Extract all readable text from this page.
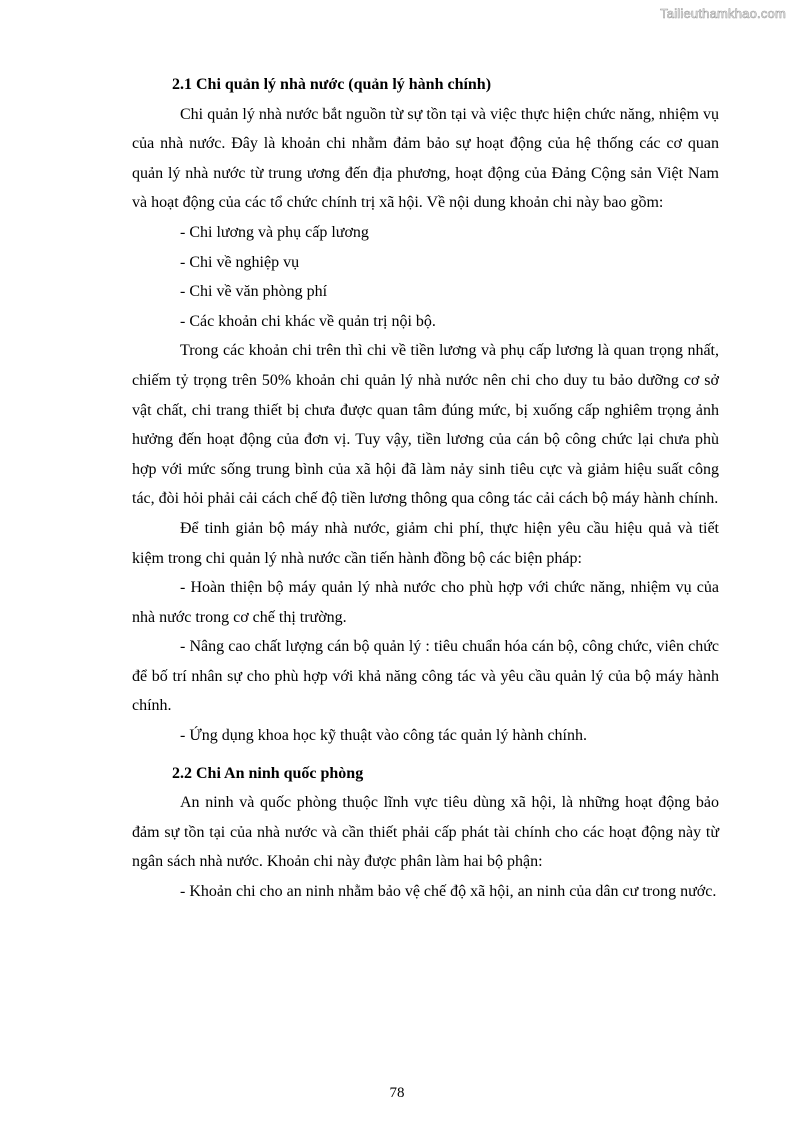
Tailieuthamkhao.com
2.1 Chi quản lý nhà nước (quản lý hành chính)

Chi quản lý nhà nước bắt nguồn từ sự tồn tại và việc thực hiện chức năng, nhiệm vụ của nhà nước. Đây là khoản chi nhằm đảm bảo sự hoạt động của hệ thống các cơ quan quản lý nhà nước từ trung ương đến địa phương, hoạt động của Đảng Cộng sản Việt Nam và hoạt động của các tổ chức chính trị xã hội. Về nội dung khoản chi này bao gồm:

- Chi lương và phụ cấp lương

- Chi về nghiệp vụ

- Chi về văn phòng phí

- Các khoản chi khác về quản trị nội bộ.

Trong các khoản chi trên thì chi về tiền lương và phụ cấp lương là quan trọng nhất, chiếm tỷ trọng trên 50% khoản chi quản lý nhà nước nên chi cho duy tu bảo dưỡng cơ sở vật chất, chi trang thiết bị chưa được quan tâm đúng mức, bị xuống cấp nghiêm trọng ảnh hưởng đến hoạt động của đơn vị. Tuy vậy, tiền lương của cán bộ công chức lại chưa phù hợp với mức sống trung bình của xã hội đã làm nảy sinh tiêu cực và giảm hiệu suất công tác, đòi hỏi phải cải cách chế độ tiền lương thông qua công tác cải cách bộ máy hành chính.

Để tinh giản bộ máy nhà nước, giảm chi phí, thực hiện yêu cầu hiệu quả và tiết kiệm trong chi quản lý nhà nước cần tiến hành đồng bộ các biện pháp:

- Hoàn thiện bộ máy quản lý nhà nước cho phù hợp với chức năng, nhiệm vụ của nhà nước trong cơ chế thị trường.

- Nâng cao chất lượng cán bộ quản lý : tiêu chuẩn hóa cán bộ, công chức, viên chức để bố trí nhân sự cho phù hợp với khả năng công tác và yêu cầu quản lý của bộ máy hành chính.

- Ứng dụng khoa học kỹ thuật vào công tác quản lý hành chính.

2.2 Chi An ninh quốc phòng

An ninh và quốc phòng thuộc lĩnh vực tiêu dùng xã hội, là những hoạt động bảo đảm sự tồn tại của nhà nước và cần thiết phải cấp phát tài chính cho các hoạt động này từ ngân sách nhà nước. Khoản chi này được phân làm hai bộ phận:

- Khoản chi cho an ninh nhằm bảo vệ chế độ xã hội, an ninh của dân cư trong nước.

78
